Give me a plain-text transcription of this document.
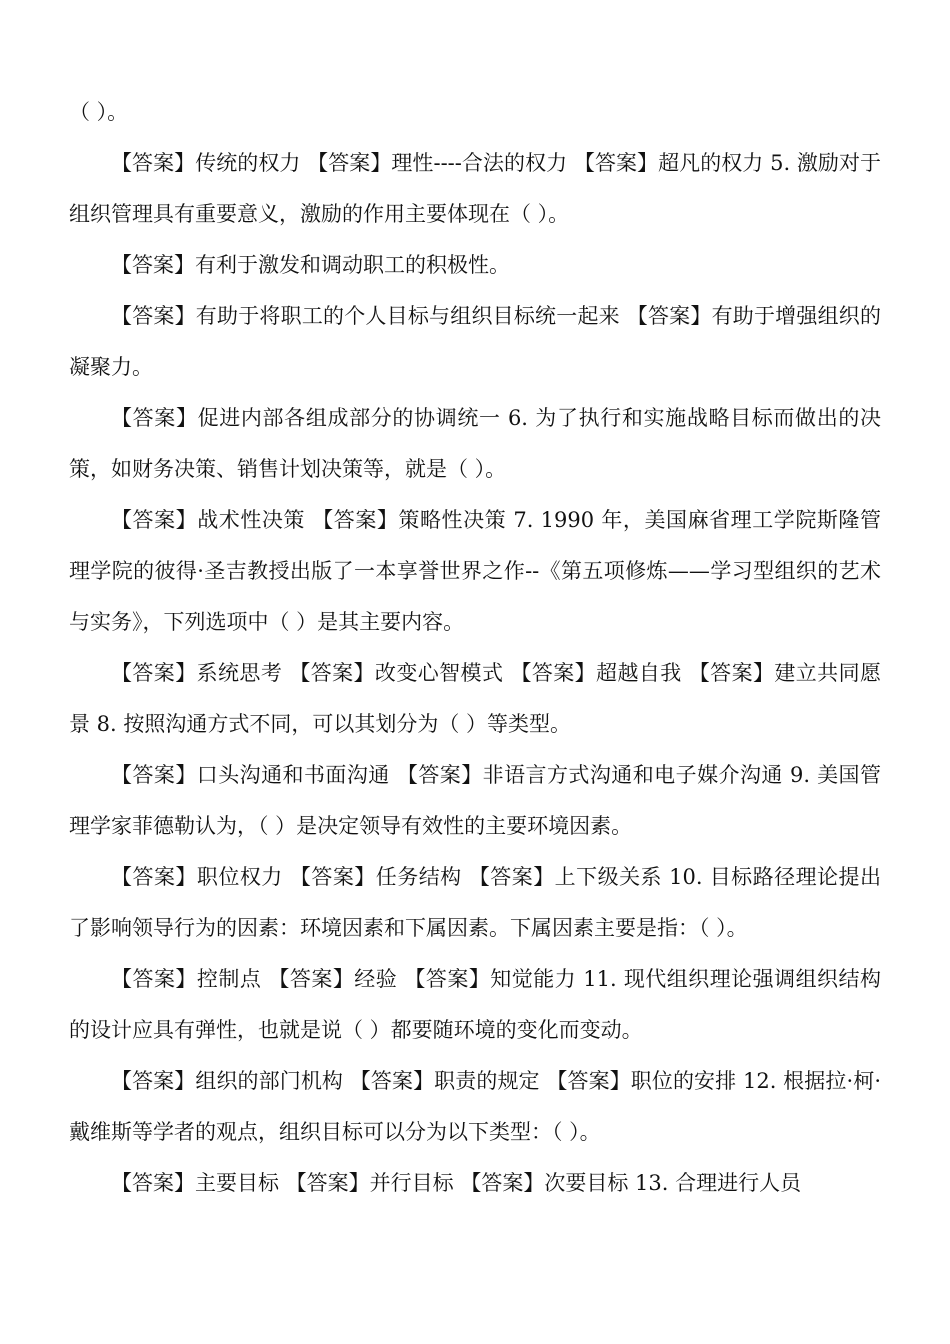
（ ）。

【答案】传统的权力 【答案】理性----合法的权力 【答案】超凡的权力 5. 激励对于组织管理具有重要意义，激励的作用主要体现在（ ）。

【答案】有利于激发和调动职工的积极性。

【答案】有助于将职工的个人目标与组织目标统一起来 【答案】有助于增强组织的凝聚力。

【答案】促进内部各组成部分的协调统一 6. 为了执行和实施战略目标而做出的决策，如财务决策、销售计划决策等，就是（ ）。

【答案】战术性决策 【答案】策略性决策 7. 1990 年，美国麻省理工学院斯隆管理学院的彼得·圣吉教授出版了一本享誉世界之作--《第五项修炼——学习型组织的艺术与实务》，下列选项中（ ）是其主要内容。

【答案】系统思考 【答案】改变心智模式 【答案】超越自我 【答案】建立共同愿景 8. 按照沟通方式不同，可以其划分为（ ）等类型。

【答案】口头沟通和书面沟通 【答案】非语言方式沟通和电子媒介沟通 9. 美国管理学家菲德勒认为，（ ）是决定领导有效性的主要环境因素。

【答案】职位权力 【答案】任务结构 【答案】上下级关系 10. 目标路径理论提出了影响领导行为的因素：环境因素和下属因素。下属因素主要是指：（ ）。

【答案】控制点 【答案】经验 【答案】知觉能力 11. 现代组织理论强调组织结构的设计应具有弹性，也就是说（ ）都要随环境的变化而变动。

【答案】组织的部门机构 【答案】职责的规定 【答案】职位的安排 12. 根据拉·柯·戴维斯等学者的观点，组织目标可以分为以下类型：（ ）。

【答案】主要目标 【答案】并行目标 【答案】次要目标 13. 合理进行人员
